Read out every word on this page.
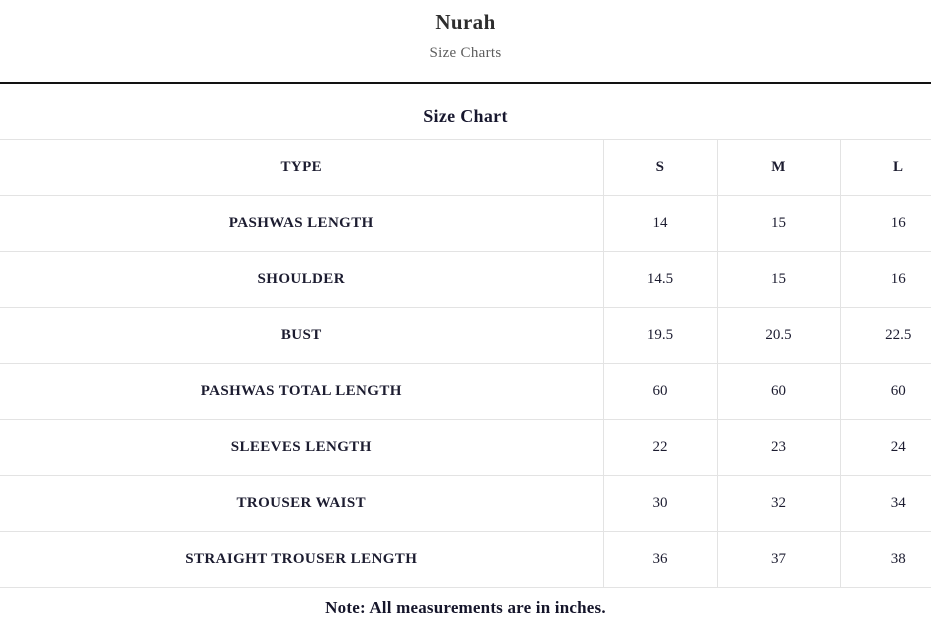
Nurah
Size Charts
Size Chart
TYPE	S	M	L
PASHWAS LENGTH	14	15	16
SHOULDER	14.5	15	16
BUST	19.5	20.5	22.5
PASHWAS TOTAL LENGTH	60	60	60
SLEEVES LENGTH	22	23	24
TROUSER WAIST	30	32	34
STRAIGHT TROUSER LENGTH	36	37	38

Note: All measurements are in inches.
